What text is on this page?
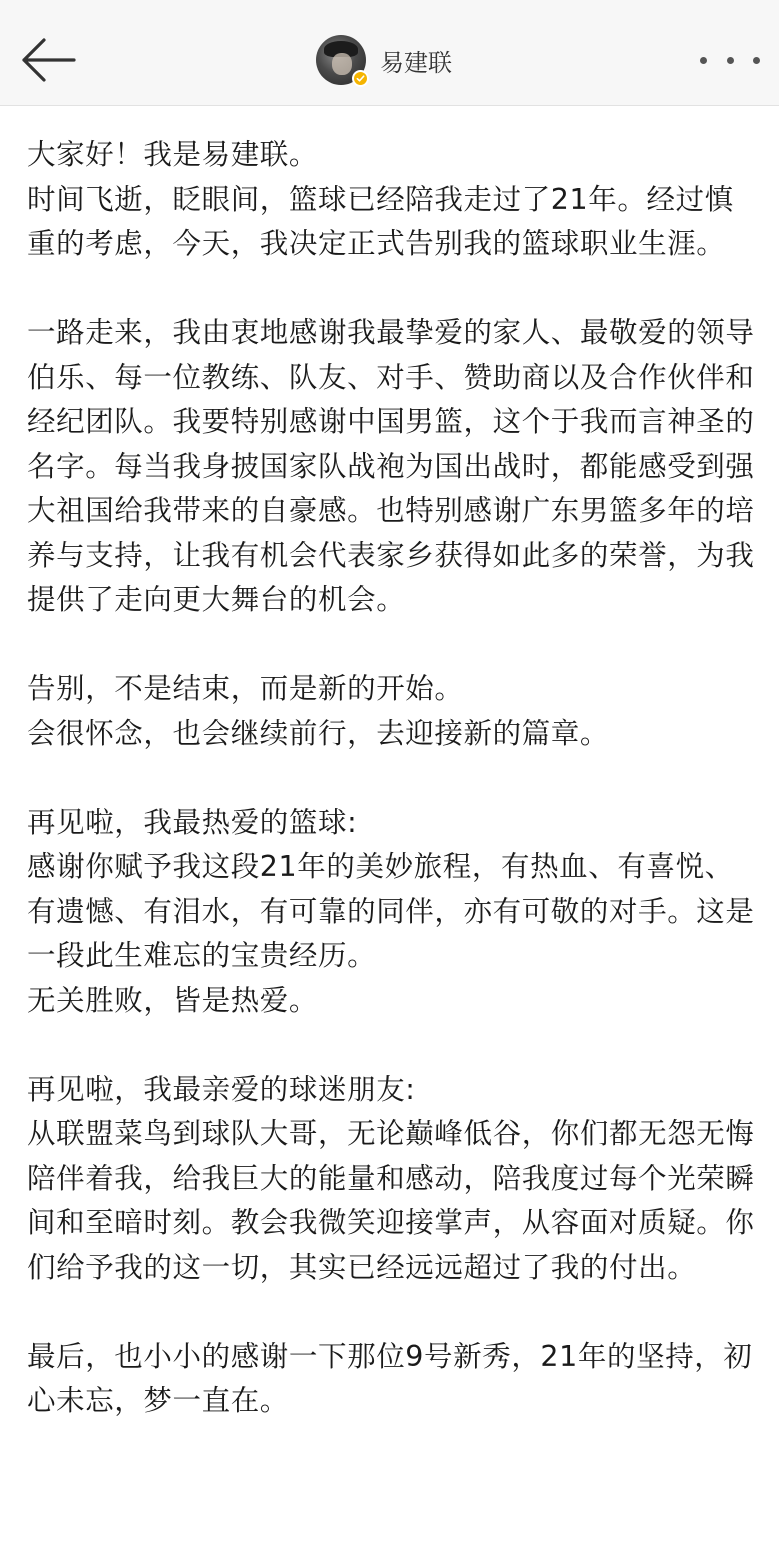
易建联

大家好！我是易建联。

时间飞逝，眨眼间，篮球已经陪我走过了21年。经过慎重的考虑，今天，我决定正式告别我的篮球职业生涯。

一路走来，我由衷地感谢我最挚爱的家人、最敬爱的领导伯乐、每一位教练、队友、对手、赞助商以及合作伙伴和经纪团队。我要特别感谢中国男篮，这个于我而言神圣的名字。每当我身披国家队战袍为国出战时，都能感受到强大祖国给我带来的自豪感。也特别感谢广东男篮多年的培养与支持，让我有机会代表家乡获得如此多的荣誉，为我提供了走向更大舞台的机会。

告别，不是结束，而是新的开始。

会很怀念，也会继续前行，去迎接新的篇章。

再见啦，我最热爱的篮球:

感谢你赋予我这段21年的美妙旅程，有热血、有喜悦、有遗憾、有泪水，有可靠的同伴，亦有可敬的对手。这是一段此生难忘的宝贵经历。

无关胜败，皆是热爱。

再见啦，我最亲爱的球迷朋友:

从联盟菜鸟到球队大哥，无论巅峰低谷，你们都无怨无悔陪伴着我，给我巨大的能量和感动，陪我度过每个光荣瞬间和至暗时刻。教会我微笑迎接掌声，从容面对质疑。你们给予我的这一切，其实已经远远超过了我的付出。

最后，也小小的感谢一下那位9号新秀，21年的坚持，初心未忘，梦一直在。
